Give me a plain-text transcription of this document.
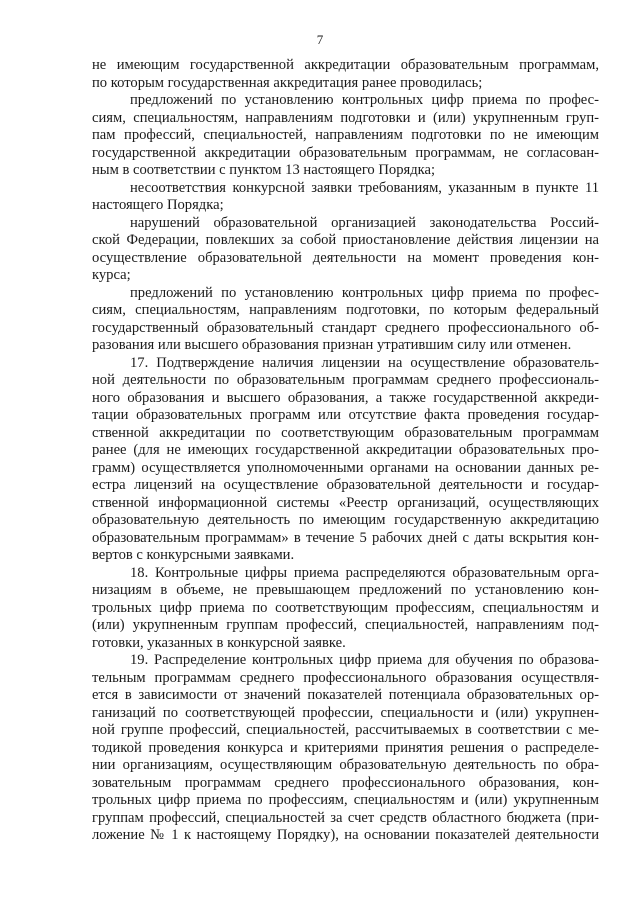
7
не имеющим государственной аккредитации образовательным программам,
по которым государственная аккредитация ранее проводилась;
предложений по установлению контрольных цифр приема по профес-
сиям, специальностям, направлениям подготовки и (или) укрупненным груп-
пам профессий, специальностей, направлениям подготовки по не имеющим
государственной аккредитации образовательным программам, не согласован-
ным в соответствии с пунктом 13 настоящего Порядка;
несоответствия конкурсной заявки требованиям, указанным в пункте 11
настоящего Порядка;
нарушений образовательной организацией законодательства Россий-
ской Федерации, повлекших за собой приостановление действия лицензии на
осуществление образовательной деятельности на момент проведения кон-
курса;
предложений по установлению контрольных цифр приема по профес-
сиям, специальностям, направлениям подготовки, по которым федеральный
государственный образовательный стандарт среднего профессионального об-
разования или высшего образования признан утратившим силу или отменен.
17. Подтверждение наличия лицензии на осуществление образователь-
ной деятельности по образовательным программам среднего профессиональ-
ного образования и высшего образования, а также государственной аккреди-
тации образовательных программ или отсутствие факта проведения государ-
ственной аккредитации по соответствующим образовательным программам
ранее (для не имеющих государственной аккредитации образовательных про-
грамм) осуществляется уполномоченными органами на основании данных ре-
естра лицензий на осуществление образовательной деятельности и государ-
ственной информационной системы «Реестр организаций, осуществляющих
образовательную деятельность по имеющим государственную аккредитацию
образовательным программам» в течение 5 рабочих дней с даты вскрытия кон-
вертов с конкурсными заявками.
18. Контрольные цифры приема распределяются образовательным орга-
низациям в объеме, не превышающем предложений по установлению кон-
трольных цифр приема по соответствующим профессиям, специальностям и
(или) укрупненным группам профессий, специальностей, направлениям под-
готовки, указанных в конкурсной заявке.
19. Распределение контрольных цифр приема для обучения по образова-
тельным программам среднего профессионального образования осуществля-
ется в зависимости от значений показателей потенциала образовательных ор-
ганизаций по соответствующей профессии, специальности и (или) укрупнен-
ной группе профессий, специальностей, рассчитываемых в соответствии с ме-
тодикой проведения конкурса и критериями принятия решения о распределе-
нии организациям, осуществляющим образовательную деятельность по обра-
зовательным программам среднего профессионального образования, кон-
трольных цифр приема по профессиям, специальностям и (или) укрупненным
группам профессий, специальностей за счет средств областного бюджета (при-
ложение № 1 к настоящему Порядку), на основании показателей деятельности
